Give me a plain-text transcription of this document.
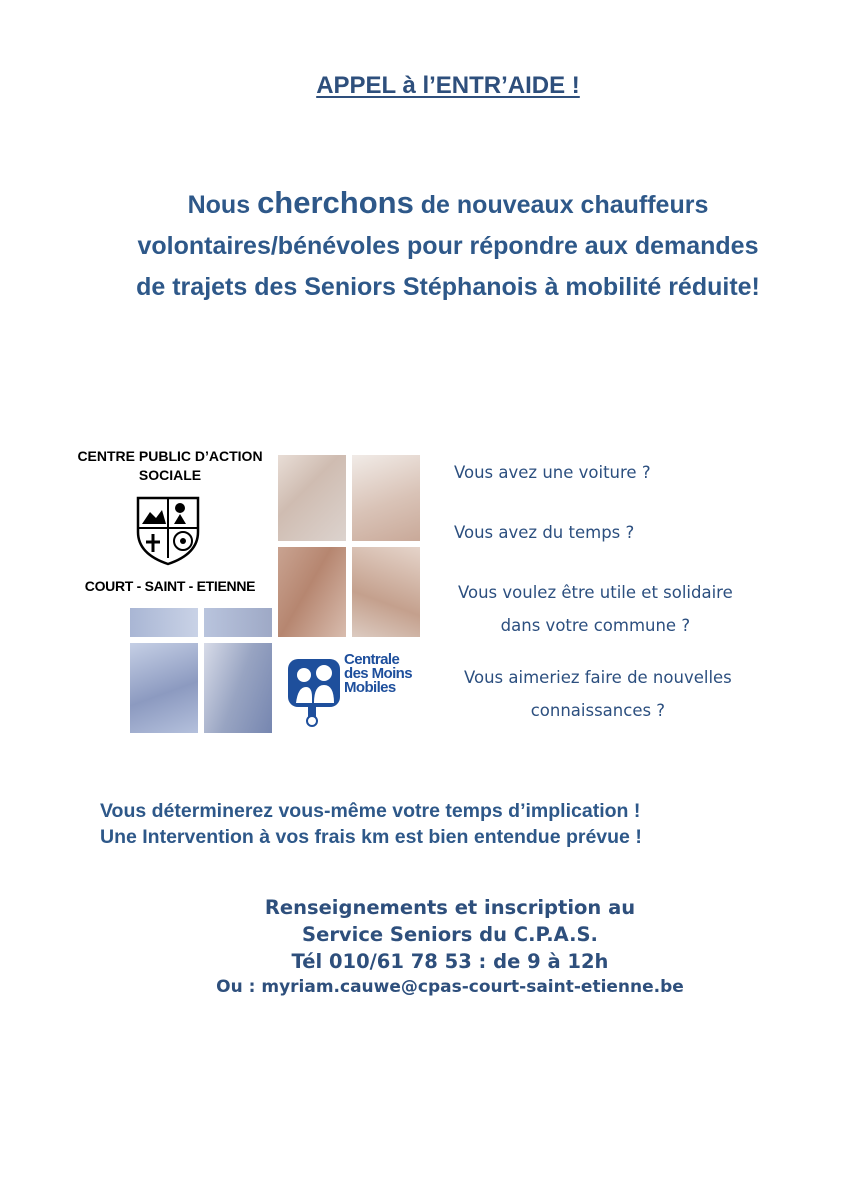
APPEL à l’ENTR’AIDE !
Nous cherchons de nouveaux chauffeurs
volontaires/bénévoles pour répondre aux demandes
de trajets des Seniors Stéphanois à mobilité réduite!
Centrale
des Moins
Mobiles
CENTRE PUBLIC D’ACTION
SOCIALE
COURT - SAINT - ETIENNE
Vous avez une voiture ?
Vous avez du temps ?
Vous voulez être utile et solidaire
dans votre commune ?
Vous aimeriez faire de nouvelles
connaissances ?
Vous déterminerez vous-même votre temps d’implication !
Une Intervention à vos frais km est bien entendue prévue !
Renseignements et inscription au
Service Seniors du C.P.A.S.
Tél 010/61 78 53 : de 9 à 12h
Ou : myriam.cauwe@cpas-court-saint-etienne.be
